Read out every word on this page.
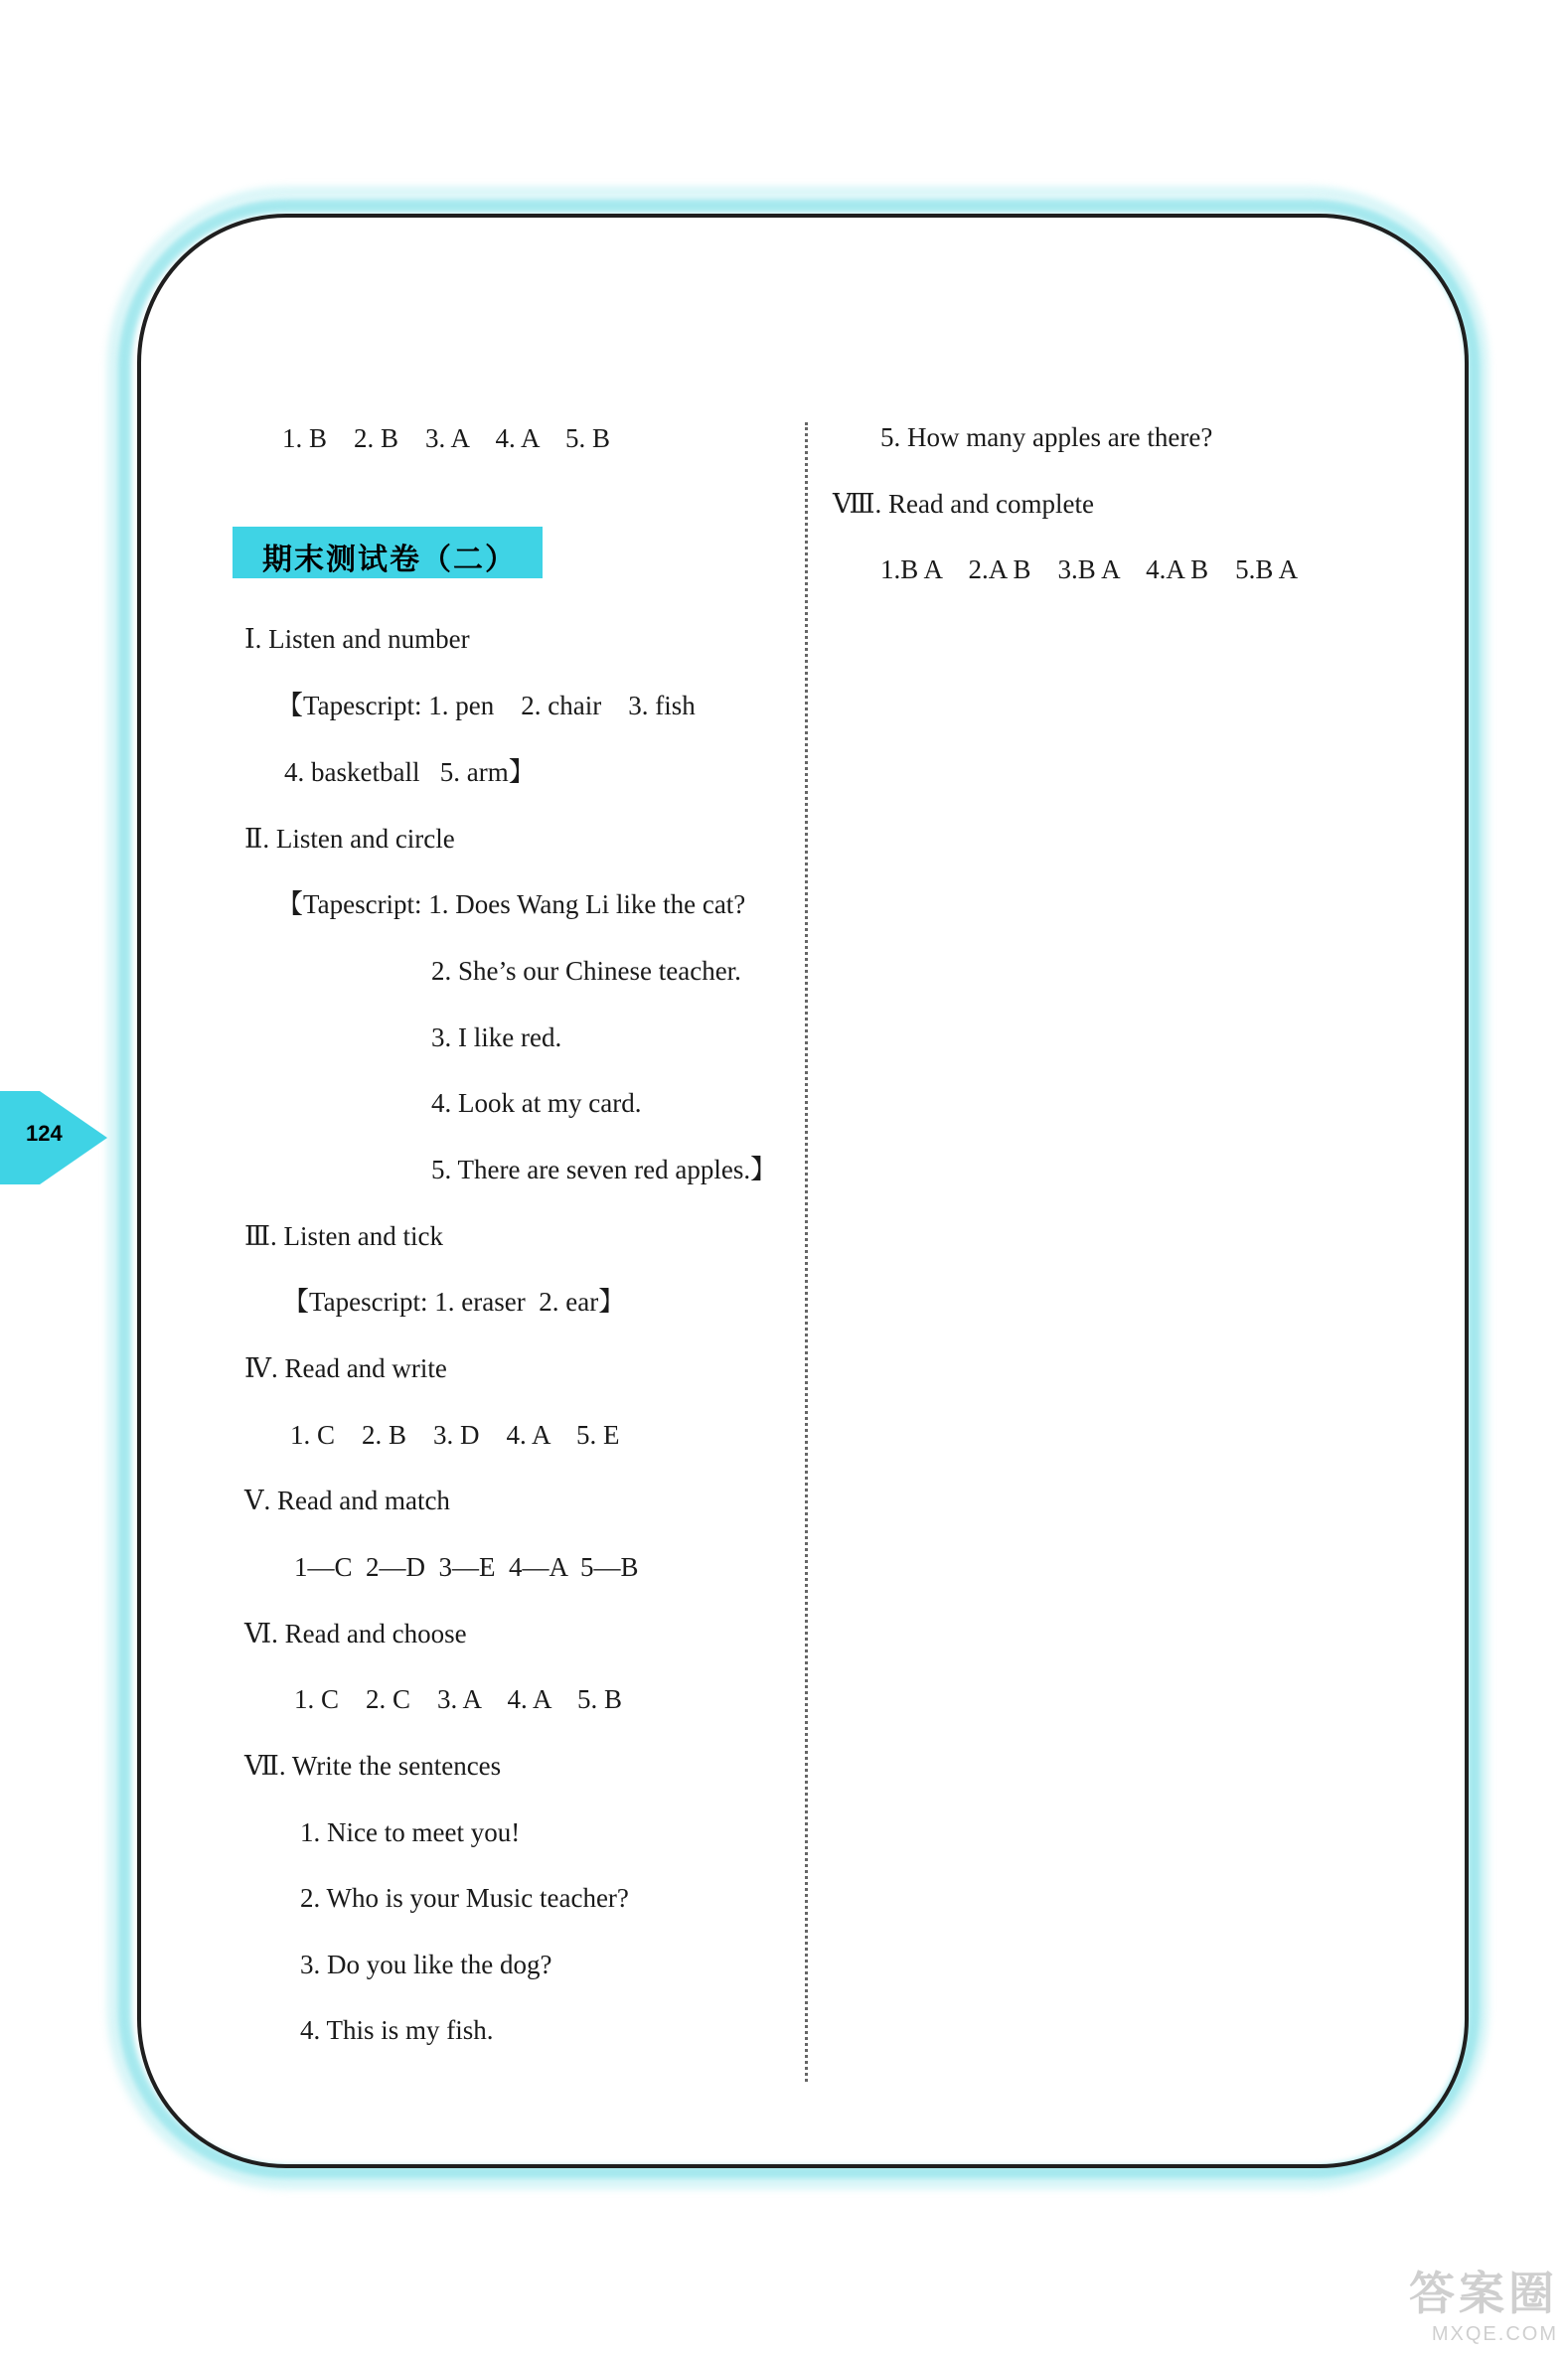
124
1. B    2. B    3. A    4. A    5. B
期末测试卷（二）
Ⅰ. Listen and number
【Tapescript: 1. pen    2. chair    3. fish
4. basketball   5. arm】
Ⅱ. Listen and circle
【Tapescript: 1. Does Wang Li like the cat?
2. She’s our Chinese teacher.
3. I like red.
4. Look at my card.
5. There are seven red apples.】
Ⅲ. Listen and tick
【Tapescript: 1. eraser  2. ear】
Ⅳ. Read and write
1. C    2. B    3. D    4. A    5. E
Ⅴ. Read and match
1—C  2—D  3—E  4—A  5—B
Ⅵ. Read and choose
1. C    2. C    3. A    4. A    5. B
Ⅶ. Write the sentences
1. Nice to meet you!
2. Who is your Music teacher?
3. Do you like the dog?
4. This is my fish.
5. How many apples are there?
Ⅷ. Read and complete
1.B A    2.A B    3.B A    4.A B    5.B A
答案圈
MXQE.COM
